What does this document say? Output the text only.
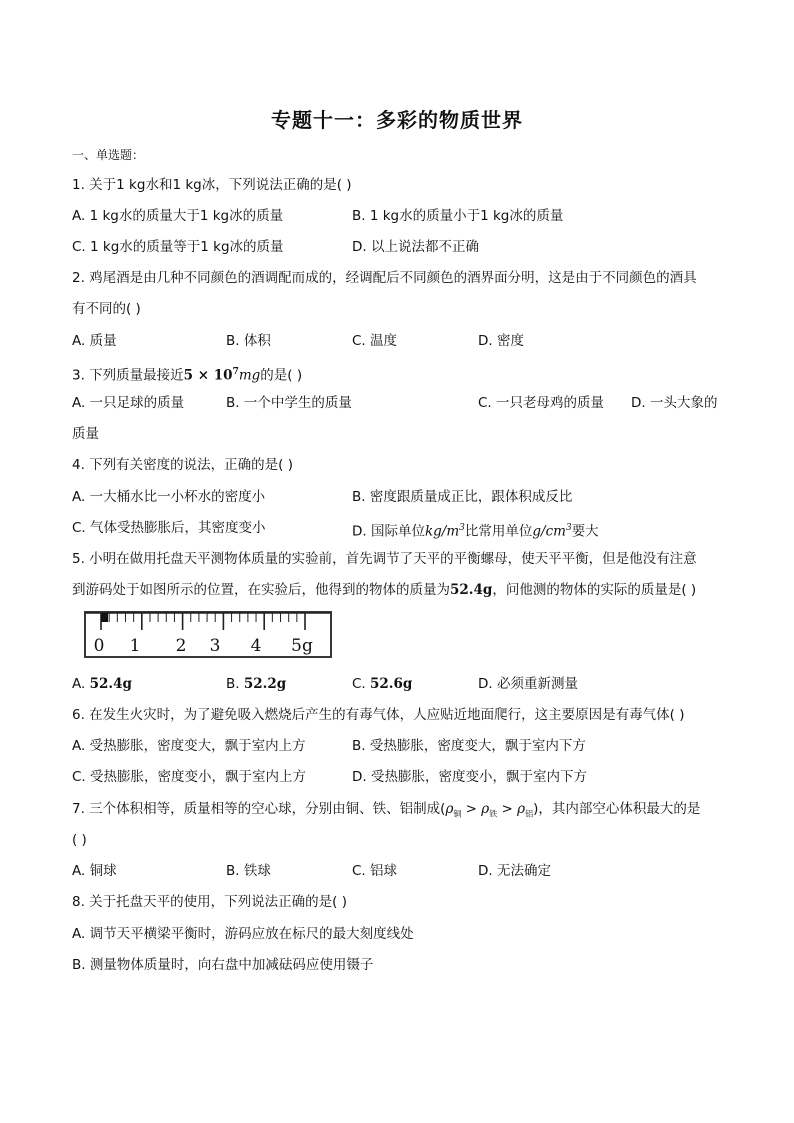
专题十一：多彩的物质世界
一、单选题：
1. 关于1 kg水和1 kg冰，下列说法正确的是( )
A. 1 kg水的质量大于1 kg冰的质量	B. 1 kg水的质量小于1 kg冰的质量
C. 1 kg水的质量等于1 kg冰的质量	D. 以上说法都不正确
2. 鸡尾酒是由几种不同颜色的酒调配而成的，经调配后不同颜色的酒界面分明，这是由于不同颜色的酒具
有不同的( )
A. 质量	B. 体积	C. 温度	D. 密度
3. 下列质量最接近$5 \times 10^7mg$的是( )
A. 一只足球的质量	B. 一个中学生的质量	C. 一只老母鸡的质量 D. 一头大象的
质量
4. 下列有关密度的说法，正确的是( )
A. 一大桶水比一小杯水的密度小	B. 密度跟质量成正比，跟体积成反比
C. 气体受热膨胀后，其密度变小	D. 国际单位$kg/m^3$比常用单位$g/cm^3$要大
5. 小明在做用托盘天平测物体质量的实验前，首先调节了天平的平衡螺母，使天平平衡，但是他没有注意
到游码处于如图所示的位置，在实验后，他得到的物体的质量为52.4g，问他测的物体的实际的质量是( )
0 1 2 3 4 5g
A. 52.4g	B. 52.2g	C. 52.6g	D. 必须重新测量
6. 在发生火灾时，为了避免吸入燃烧后产生的有毒气体，人应贴近地面爬行，这主要原因是有毒气体( )
A. 受热膨胀，密度变大，飘于室内上方	B. 受热膨胀，密度变大，飘于室内下方
C. 受热膨胀，密度变小，飘于室内上方	D. 受热膨胀，密度变小，飘于室内下方
7. 三个体积相等，质量相等的空心球，分别由铜、铁、铝制成$(\rho_铜 > \rho_铁 > \rho_铝)$，其内部空心体积最大的是
( )
A. 铜球	B. 铁球	C. 铝球	D. 无法确定
8. 关于托盘天平的使用，下列说法正确的是( )
A. 调节天平横梁平衡时，游码应放在标尺的最大刻度线处
B. 测量物体质量时，向右盘中加减砝码应使用镊子
